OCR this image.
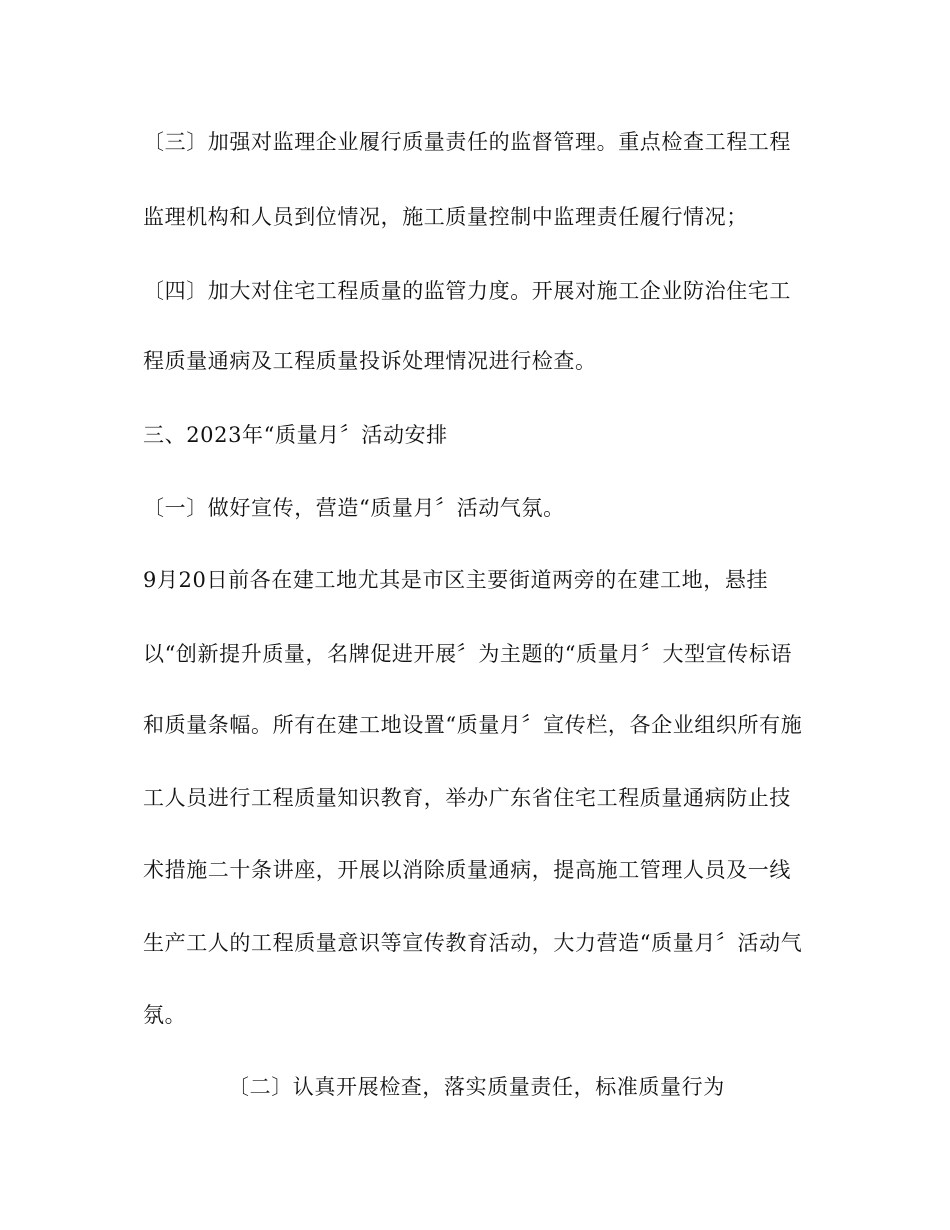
〔三〕加强对监理企业履行质量责任的监督管理。重点检查工程工程

监理机构和人员到位情况，施工质量控制中监理责任履行情况；

〔四〕加大对住宅工程质量的监管力度。开展对施工企业防治住宅工

程质量通病及工程质量投诉处理情况进行检查。

三、2023年“质量月〞活动安排

〔一〕做好宣传，营造“质量月〞活动气氛。

9月20日前各在建工地尤其是市区主要街道两旁的在建工地，悬挂

以“创新提升质量，名牌促进开展〞为主题的“质量月〞大型宣传标语

和质量条幅。所有在建工地设置“质量月〞宣传栏，各企业组织所有施

工人员进行工程质量知识教育，举办广东省住宅工程质量通病防止技

术措施二十条讲座，开展以消除质量通病，提高施工管理人员及一线

生产工人的工程质量意识等宣传教育活动，大力营造“质量月〞活动气

氛。

〔二〕认真开展检查，落实质量责任，标准质量行为
